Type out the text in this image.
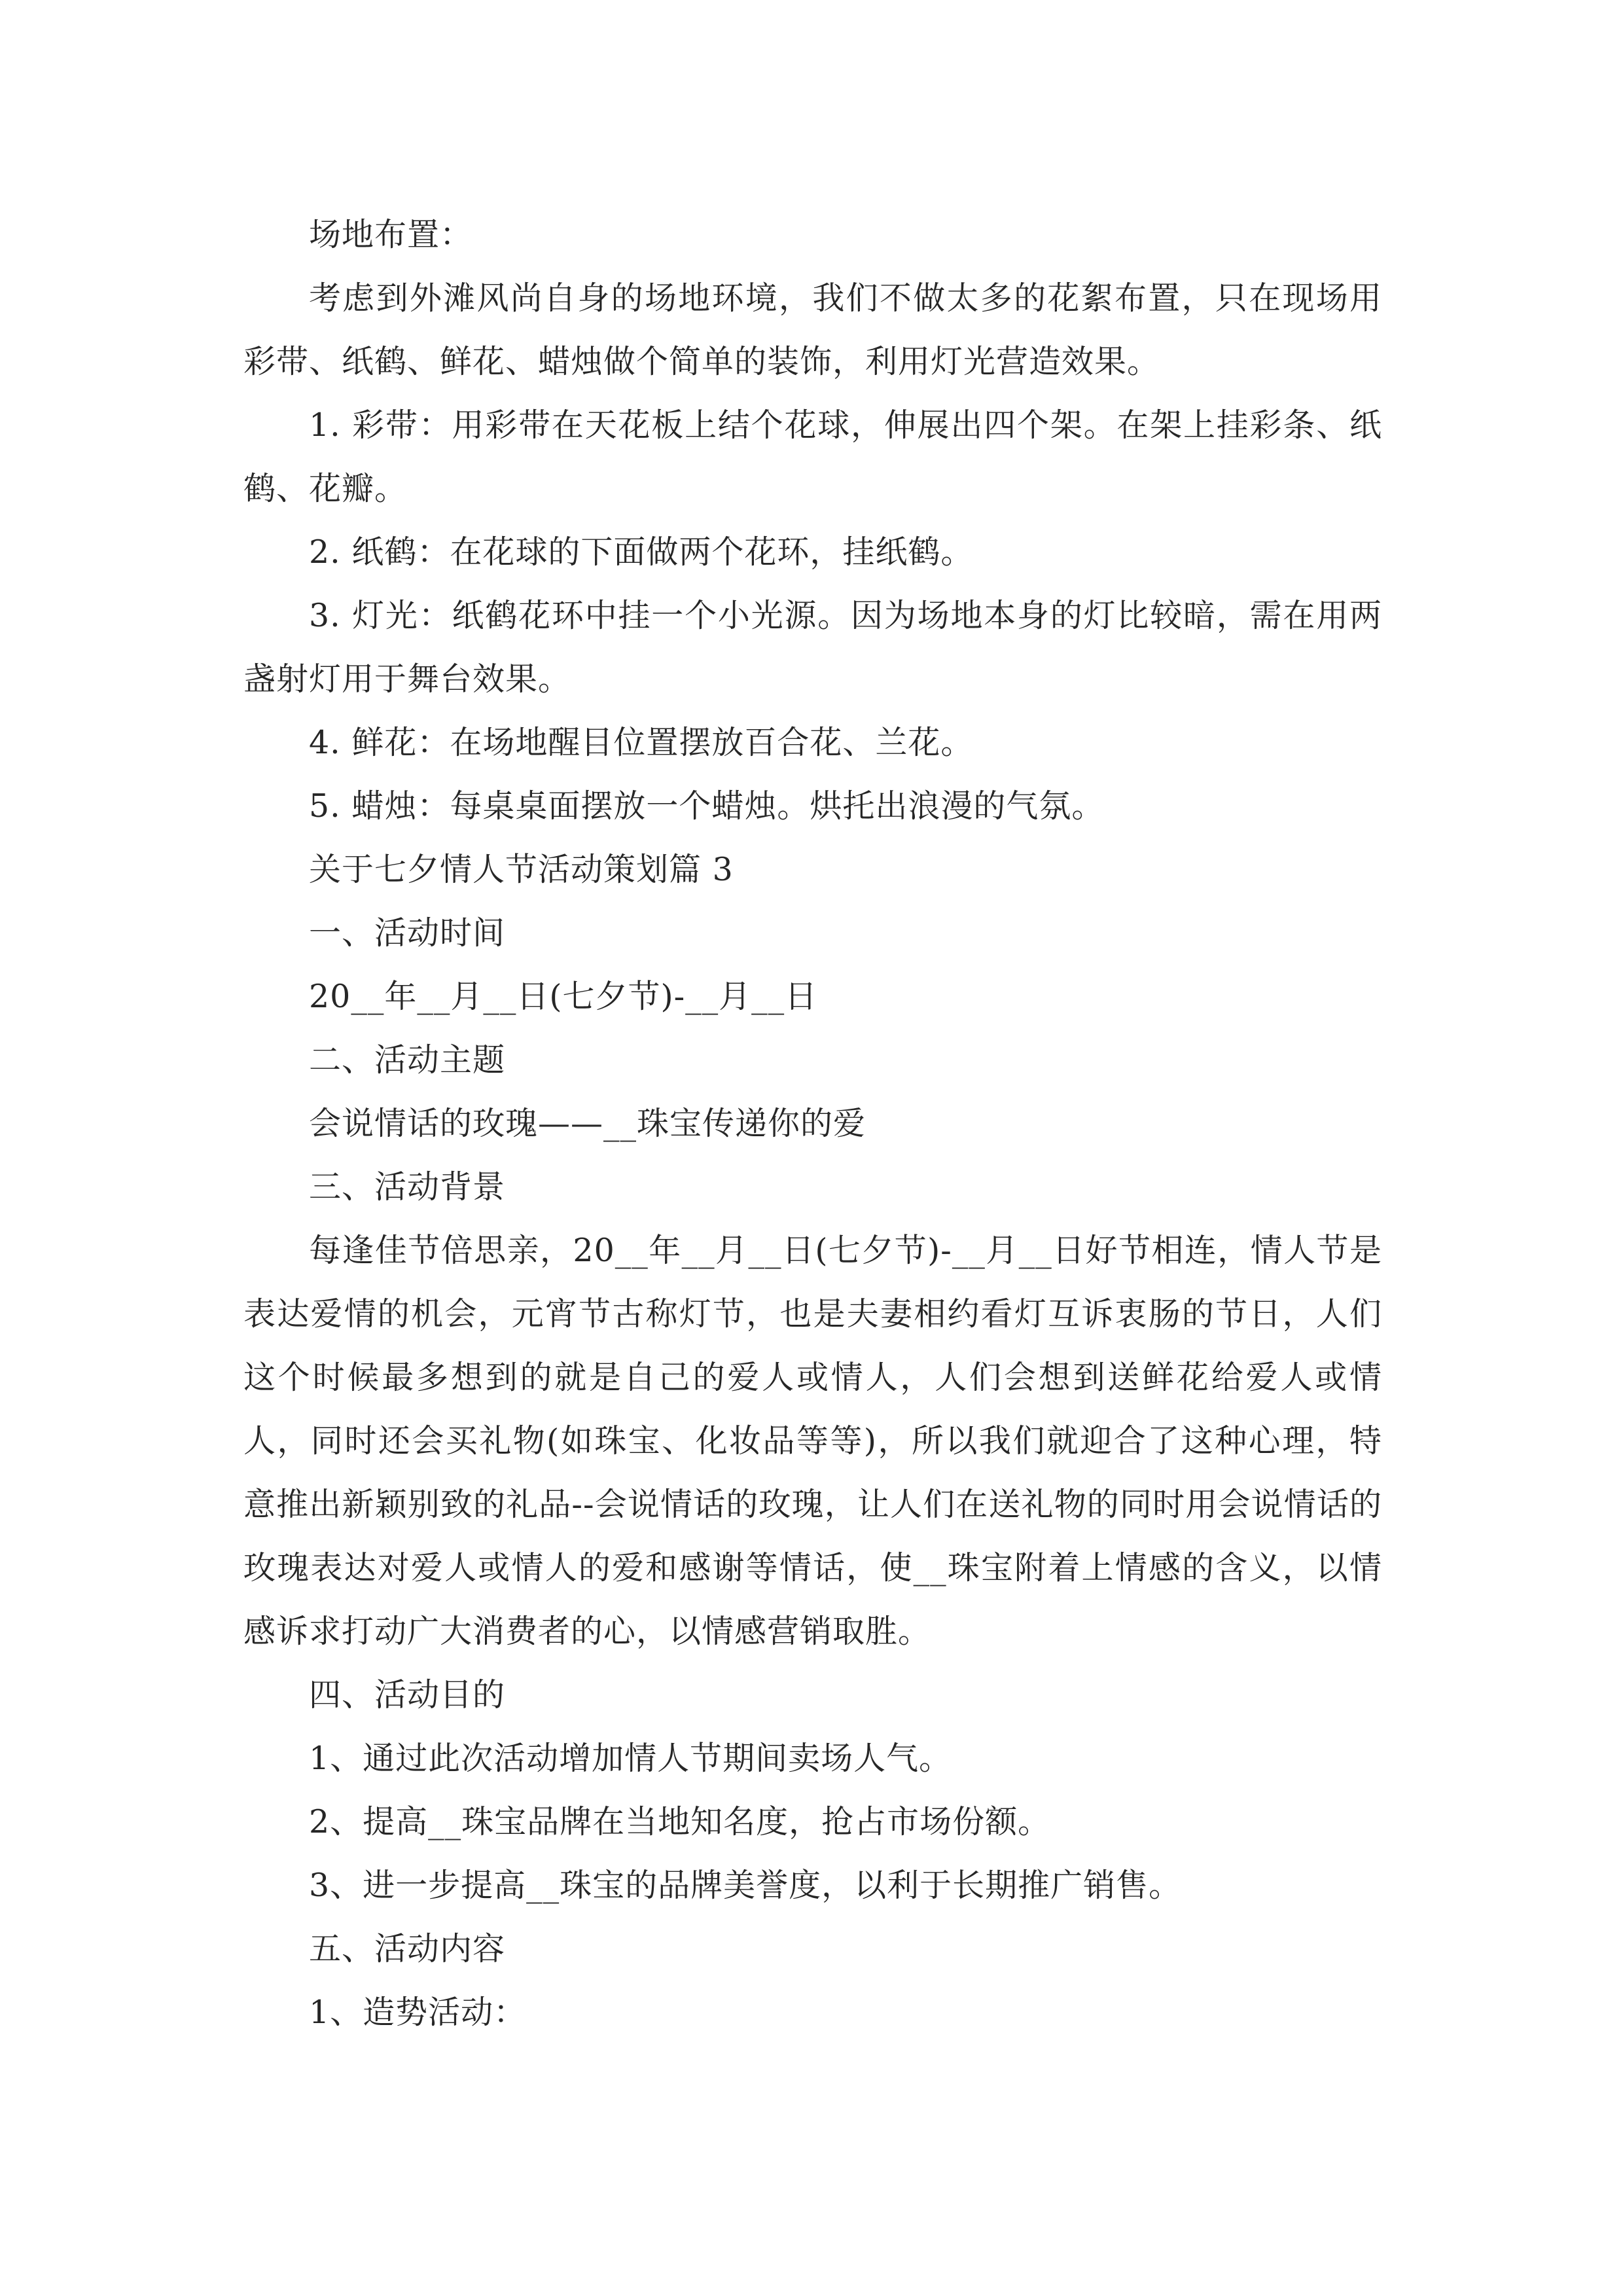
场地布置：

考虑到外滩风尚自身的场地环境，我们不做太多的花絮布置，只在现场用彩带、纸鹤、鲜花、蜡烛做个简单的装饰，利用灯光营造效果。

1. 彩带：用彩带在天花板上结个花球，伸展出四个架。在架上挂彩条、纸鹤、花瓣。

2. 纸鹤：在花球的下面做两个花环，挂纸鹤。

3. 灯光：纸鹤花环中挂一个小光源。因为场地本身的灯比较暗，需在用两盏射灯用于舞台效果。

4. 鲜花：在场地醒目位置摆放百合花、兰花。

5. 蜡烛：每桌桌面摆放一个蜡烛。烘托出浪漫的气氛。

关于七夕情人节活动策划篇 3

一、活动时间

20__年__月__日(七夕节)-__月__日

二、活动主题

会说情话的玫瑰——__珠宝传递你的爱

三、活动背景

每逢佳节倍思亲，20__年__月__日(七夕节)-__月__日好节相连，情人节是表达爱情的机会，元宵节古称灯节，也是夫妻相约看灯互诉衷肠的节日，人们这个时候最多想到的就是自己的爱人或情人，人们会想到送鲜花给爱人或情人，同时还会买礼物(如珠宝、化妆品等等)，所以我们就迎合了这种心理，特意推出新颖别致的礼品--会说情话的玫瑰，让人们在送礼物的同时用会说情话的玫瑰表达对爱人或情人的爱和感谢等情话，使__珠宝附着上情感的含义，以情感诉求打动广大消费者的心，以情感营销取胜。

四、活动目的

1、通过此次活动增加情人节期间卖场人气。

2、提高__珠宝品牌在当地知名度，抢占市场份额。

3、进一步提高__珠宝的品牌美誉度，以利于长期推广销售。

五、活动内容

1、造势活动：
